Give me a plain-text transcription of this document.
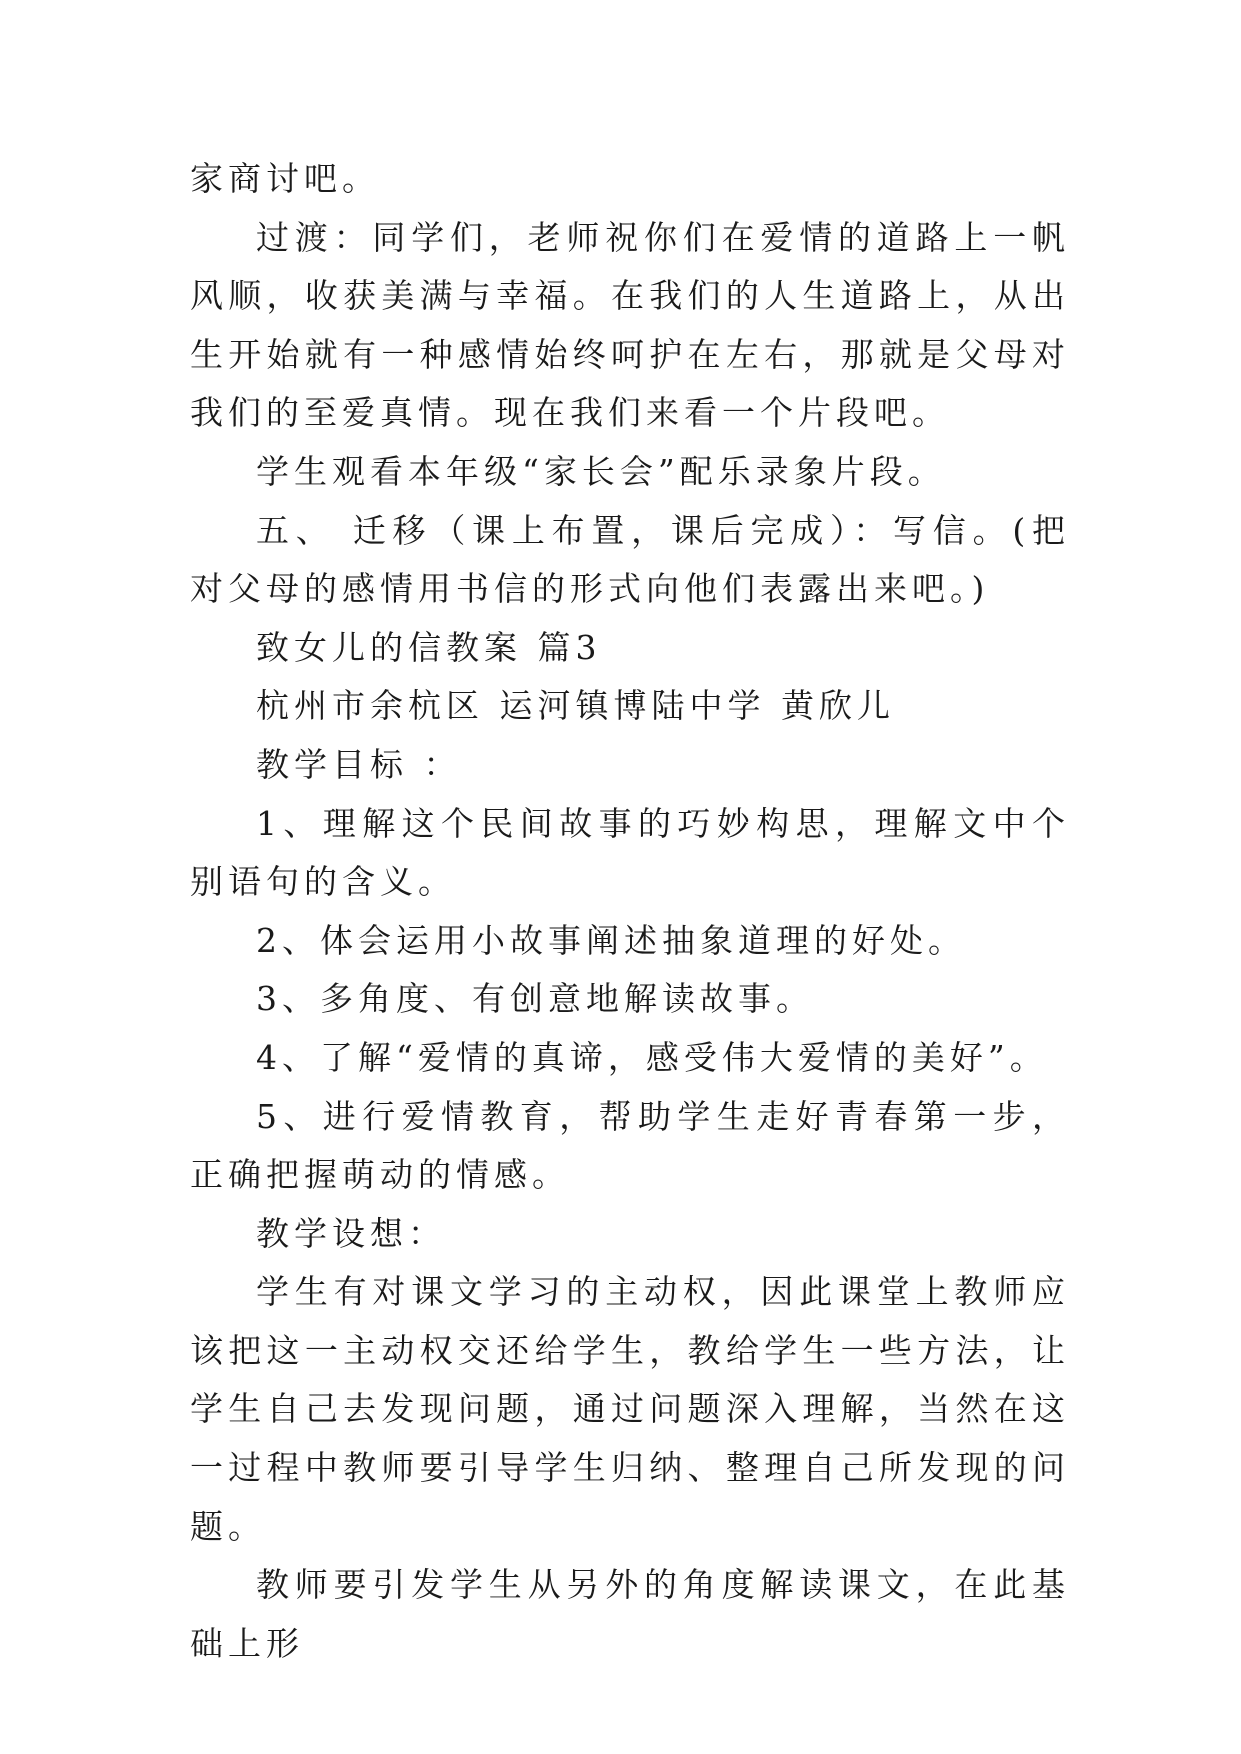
家商讨吧。

过渡：同学们，老师祝你们在爱情的道路上一帆风顺，收获美满与幸福。在我们的人生道路上，从出生开始就有一种感情始终呵护在左右，那就是父母对我们的至爱真情。现在我们来看一个片段吧。

学生观看本年级“家长会”配乐录象片段。

五、 迁移（课上布置，课后完成）：写信。(把对父母的感情用书信的形式向他们表露出来吧。)

致女儿的信教案 篇3

杭州市余杭区 运河镇博陆中学 黄欣儿

教学目标 ：

1、理解这个民间故事的巧妙构思，理解文中个别语句的含义。

2、体会运用小故事阐述抽象道理的好处。

3、多角度、有创意地解读故事。

4、了解“爱情的真谛，感受伟大爱情的美好”。

5、进行爱情教育，帮助学生走好青春第一步，正确把握萌动的情感。

教学设想：

学生有对课文学习的主动权，因此课堂上教师应该把这一主动权交还给学生，教给学生一些方法，让学生自己去发现问题，通过问题深入理解，当然在这一过程中教师要引导学生归纳、整理自己所发现的问题。

教师要引发学生从另外的角度解读课文，在此基础上形
